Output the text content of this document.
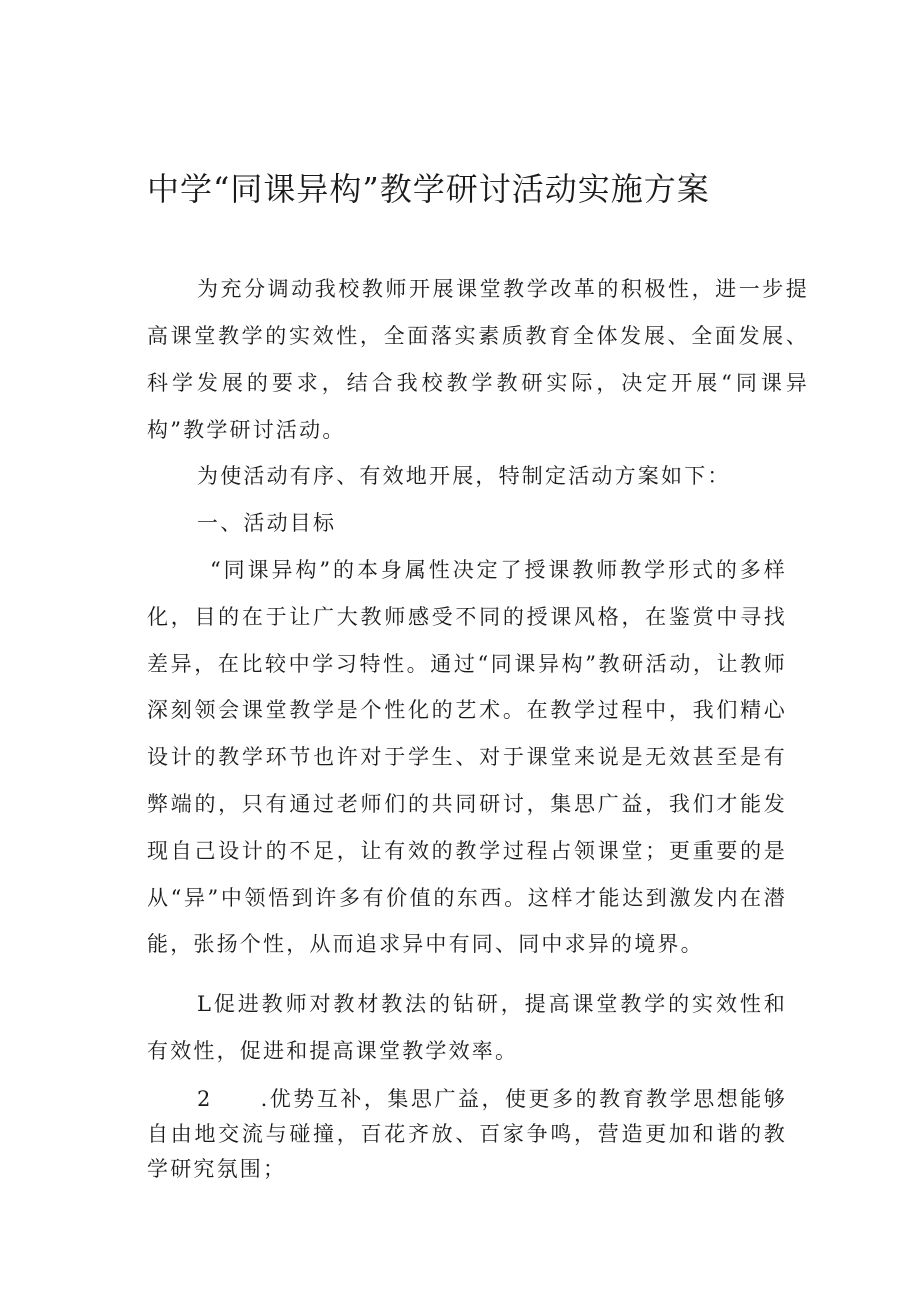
中学“同课异构”教学研讨活动实施方案

为充分调动我校教师开展课堂教学改革的积极性，进一步提高课堂教学的实效性，全面落实素质教育全体发展、全面发展、科学发展的要求，结合我校教学教研实际，决定开展“同课异构”教学研讨活动。

为使活动有序、有效地开展，特制定活动方案如下：

一、活动目标

“同课异构”的本身属性决定了授课教师教学形式的多样化，目的在于让广大教师感受不同的授课风格，在鉴赏中寻找差异，在比较中学习特性。通过“同课异构”教研活动，让教师深刻领会课堂教学是个性化的艺术。在教学过程中，我们精心设计的教学环节也许对于学生、对于课堂来说是无效甚至是有弊端的，只有通过老师们的共同研讨，集思广益，我们才能发现自己设计的不足，让有效的教学过程占领课堂；更重要的是从“异”中领悟到许多有价值的东西。这样才能达到激发内在潜能，张扬个性，从而追求异中有同、同中求异的境界。

L促进教师对教材教法的钻研，提高课堂教学的实效性和有效性，促进和提高课堂教学效率。

2 .优势互补，集思广益，使更多的教育教学思想能够自由地交流与碰撞，百花齐放、百家争鸣，营造更加和谐的教学研究氛围；
